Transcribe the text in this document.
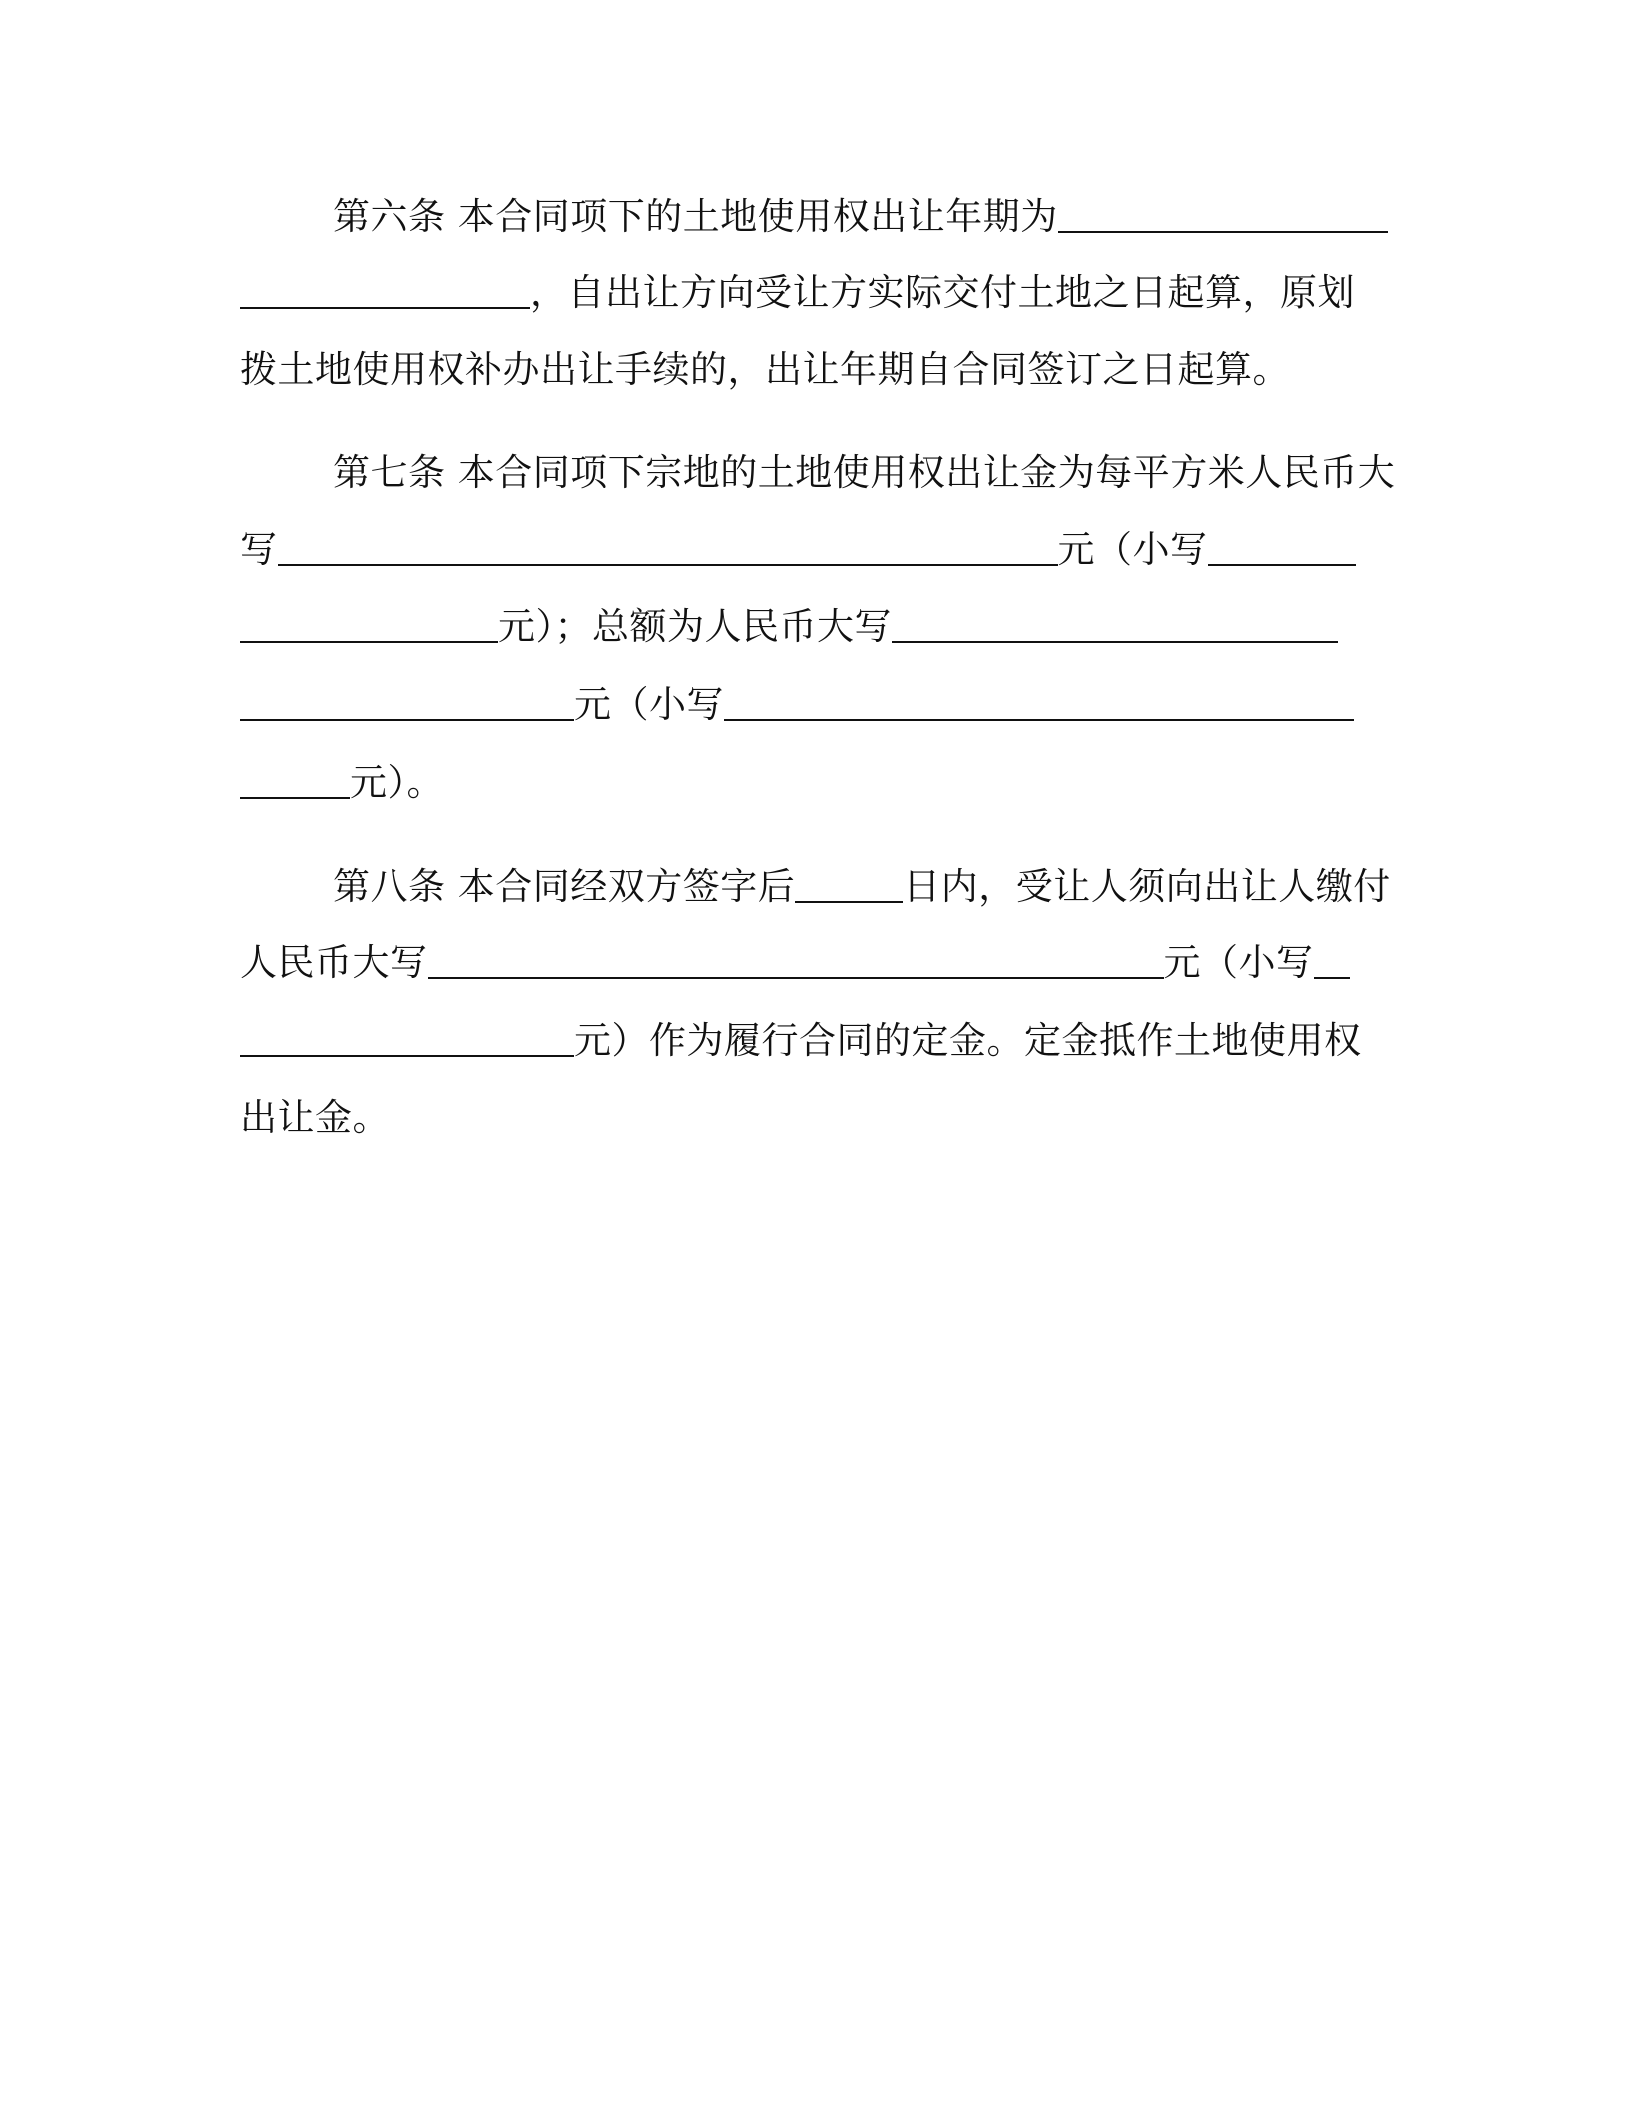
第六条 本合同项下的土地使用权出让年期为
，自出让方向受让方实际交付土地之日起算，原划
拨土地使用权补办出让手续的，出让年期自合同签订之日起算。
第七条 本合同项下宗地的土地使用权出让金为每平方米人民币大
写	元（小写
元）；总额为人民币大写
元（小写
元）。
第八条 本合同经双方签字后	日内，受让人须向出让人缴付
人民币大写	元（小写
元）作为履行合同的定金。定金抵作土地使用权
出让金。
